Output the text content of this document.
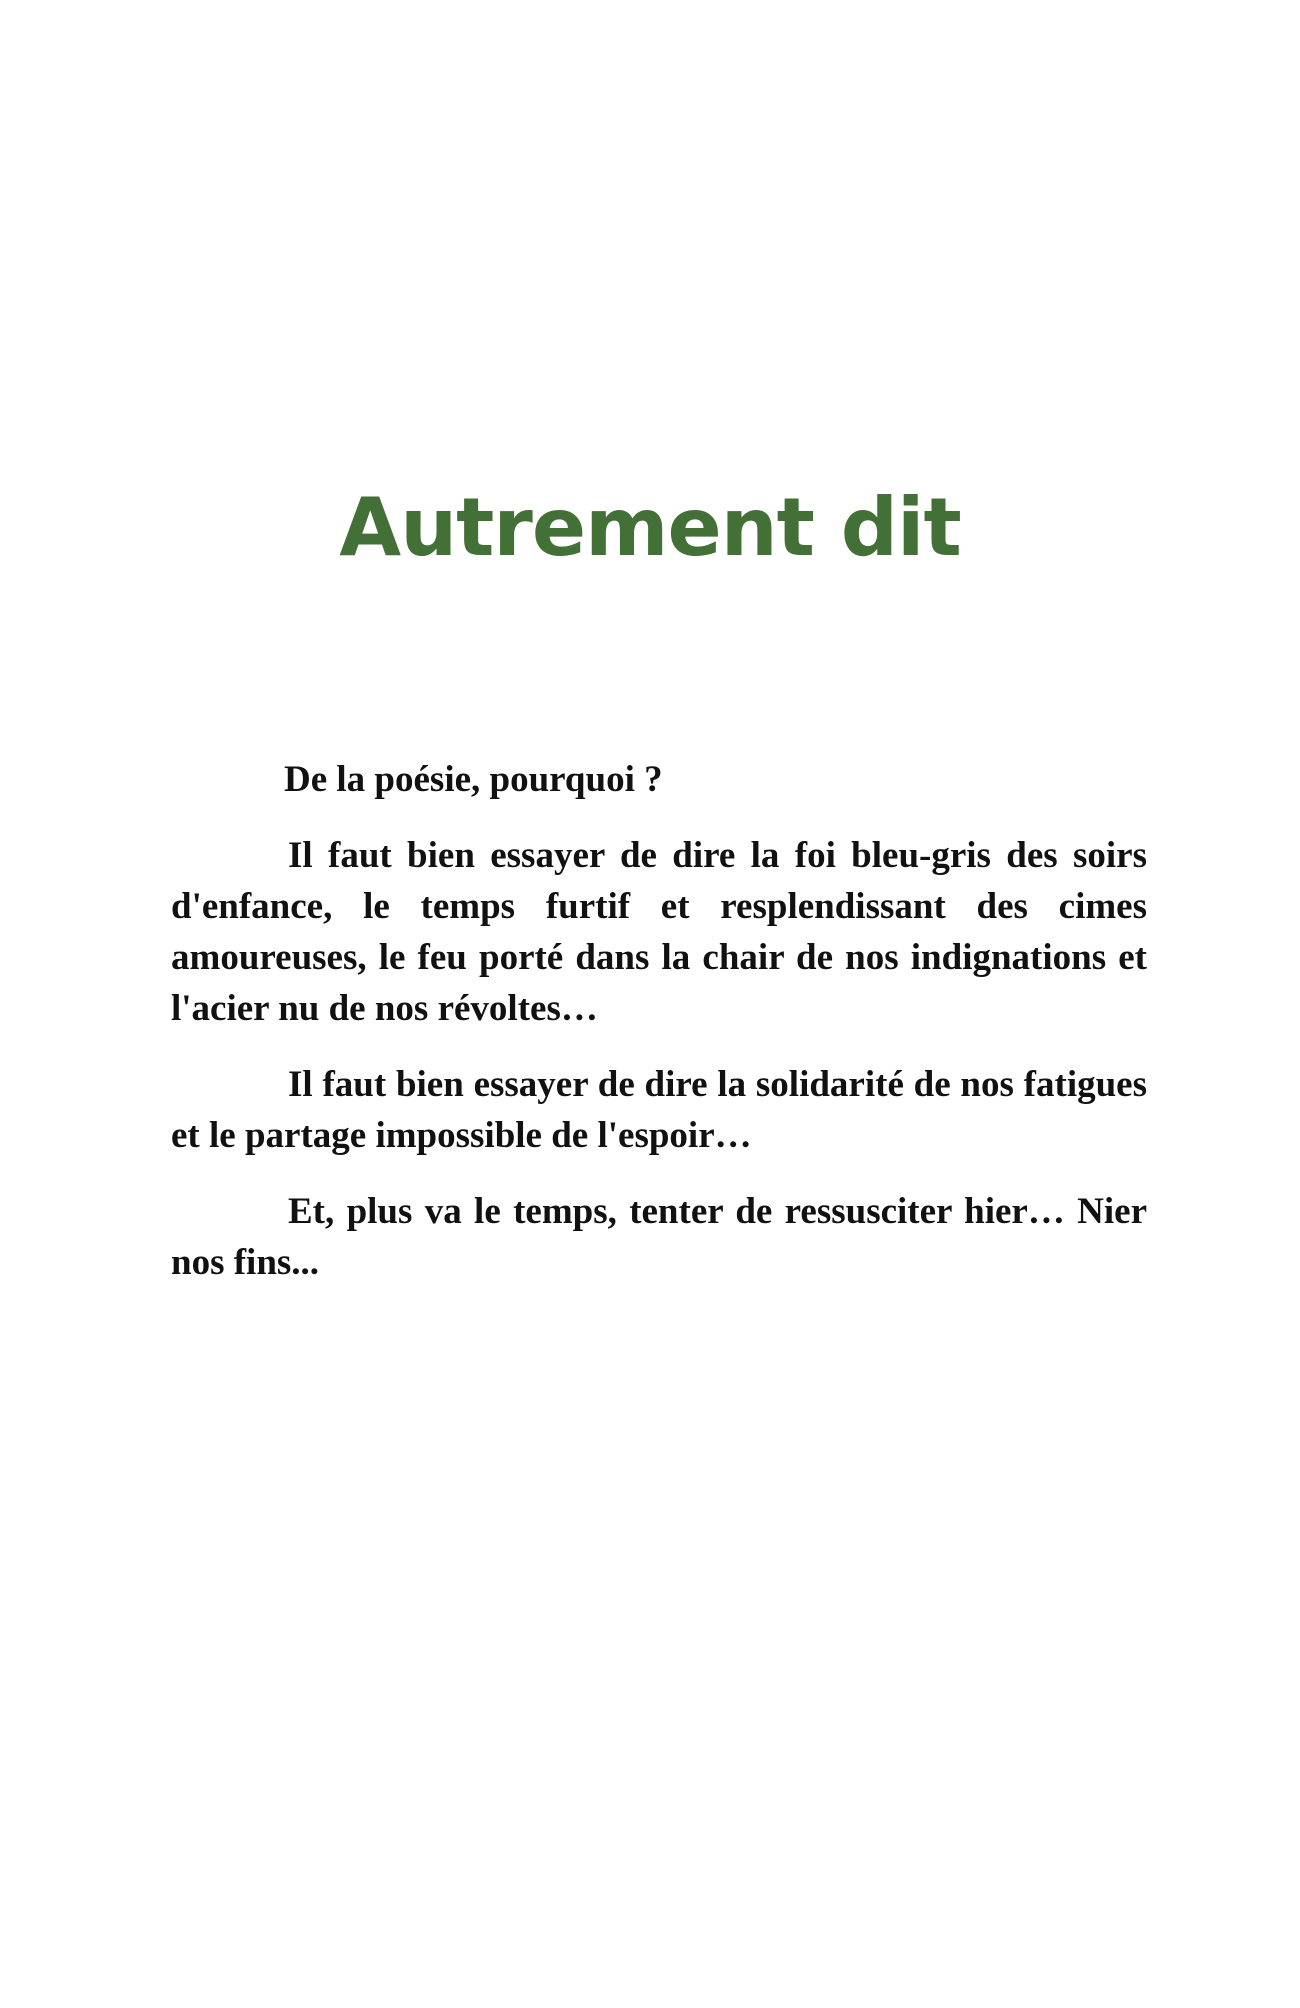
Autrement dit

De la poésie, pourquoi ?

Il faut bien essayer de dire la foi bleu-gris des soirs d'enfance, le temps furtif et resplendissant des cimes amoureuses, le feu porté dans la chair de nos indignations et l'acier nu de nos révoltes…

Il faut bien essayer de dire la solidarité de nos fatigues et le partage impossible de l'espoir…

Et, plus va le temps, tenter de ressusciter hier… Nier nos fins...
